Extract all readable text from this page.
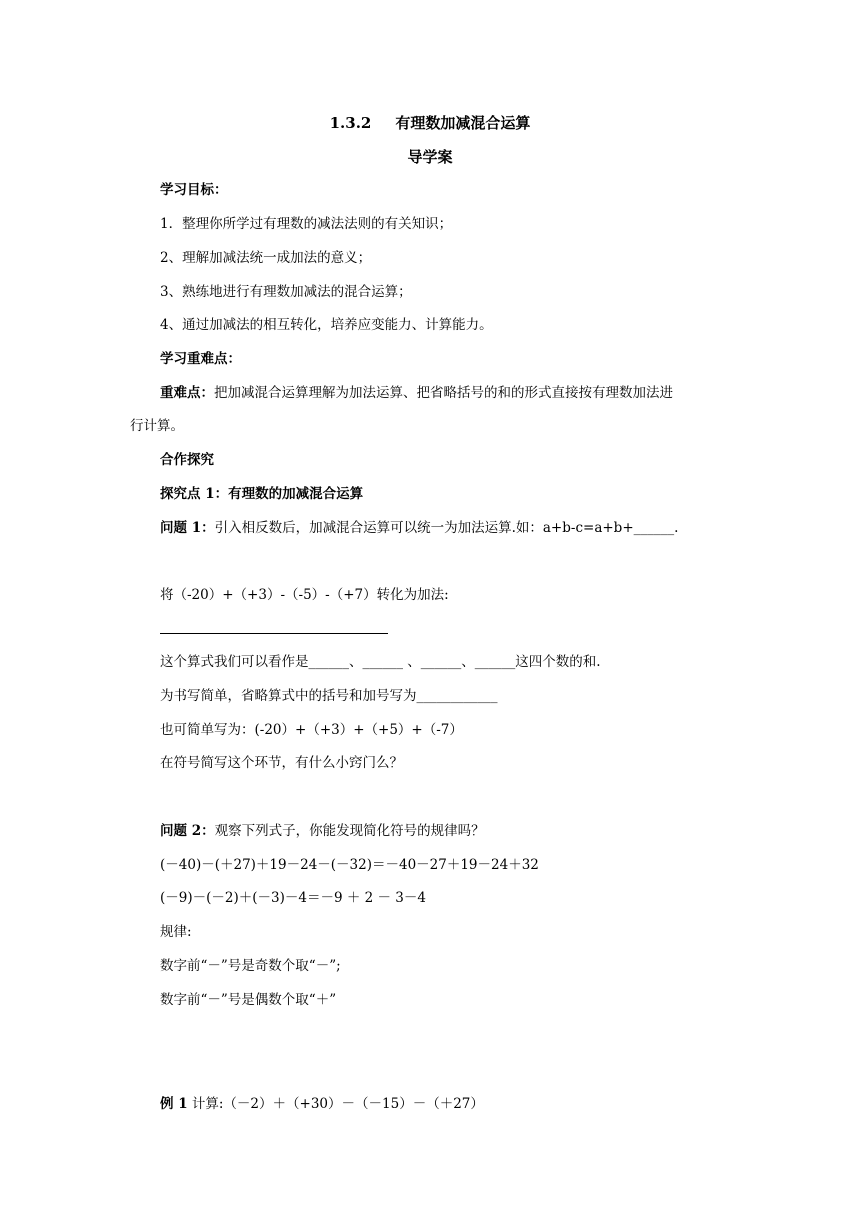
1.3.2 有理数加减混合运算
导学案
学习目标：
1．整理你所学过有理数的减法法则的有关知识；
2、理解加减法统一成加法的意义；
3、熟练地进行有理数加减法的混合运算；
4、通过加减法的相互转化，培养应变能力、计算能力。
学习重难点：
重难点：把加减混合运算理解为加法运算、把省略括号的和的形式直接按有理数加法进
行计算。
合作探究
探究点 1：有理数的加减混合运算
问题 1：引入相反数后，加减混合运算可以统一为加法运算.如：a+b-c=a+b+______.
将（-20）+（+3）-（-5）-（+7）转化为加法:
这个算式我们可以看作是______、______ 、______、______这四个数的和.
为书写简单，省略算式中的括号和加号写为____________
也可简单写为：(-20）+（+3）+（+5）+（-7）
在符号简写这个环节，有什么小窍门么？
问题 2：观察下列式子，你能发现简化符号的规律吗？
(－40)－(＋27)＋19－24－(－32)＝－40－27＋19－24＋32
(－9)－(－2)＋(－3)－4＝－9 ＋ 2 － 3－4
规律:
数字前“－”号是奇数个取“－”;
数字前“－”号是偶数个取“＋”
例 1 计算:（－2）＋（+30）－（－15）－（＋27）
